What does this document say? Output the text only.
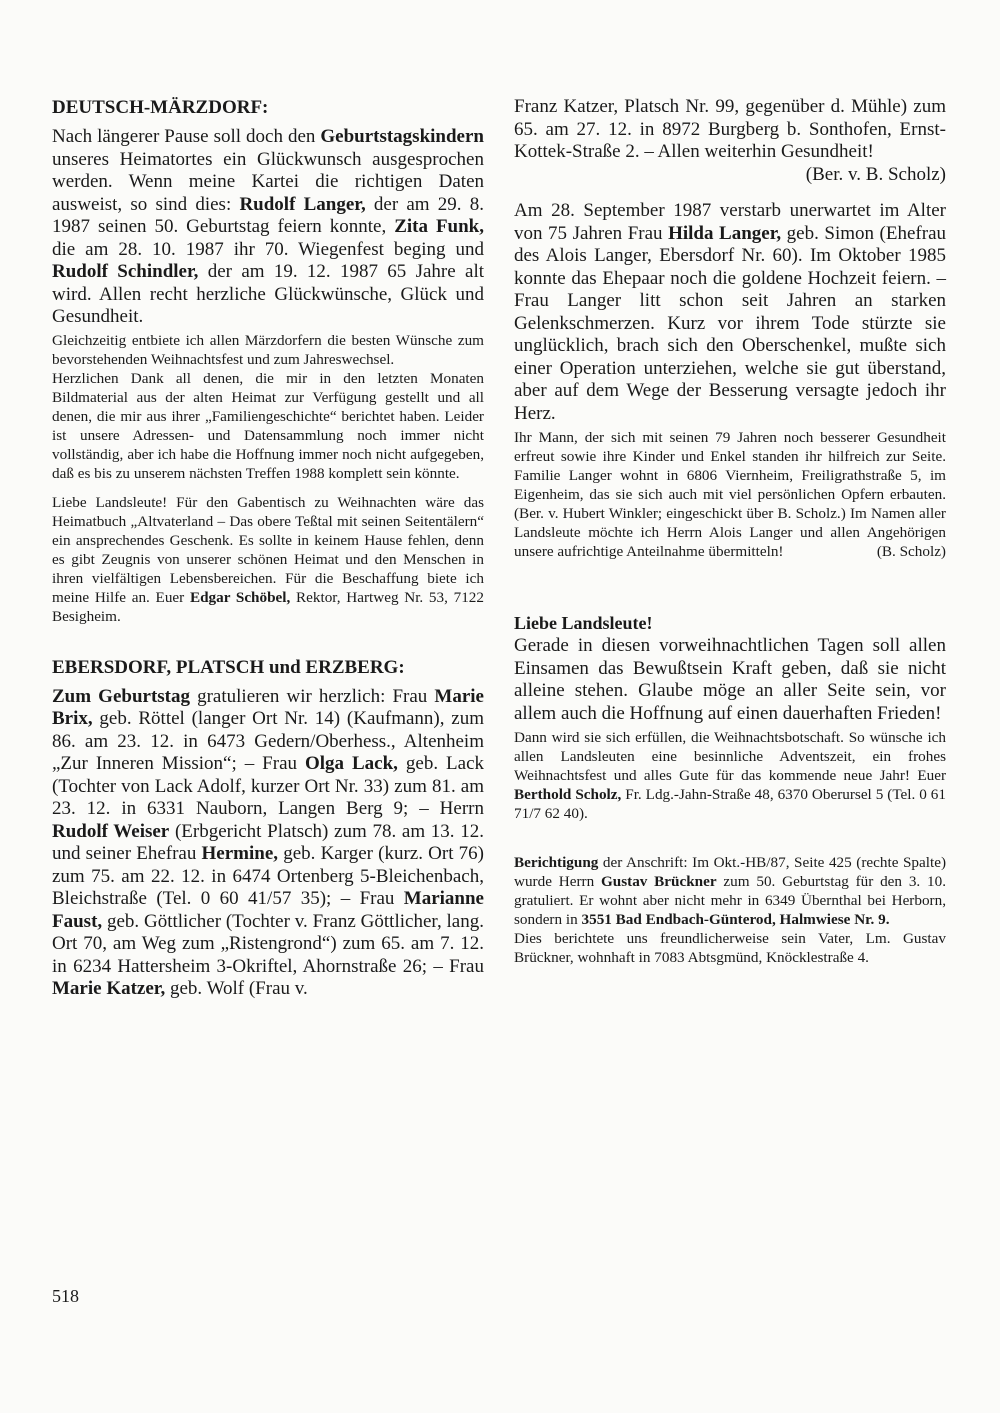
DEUTSCH-MÄRZDORF:

Nach längerer Pause soll doch den Geburtstagskindern unseres Heimatortes ein Glückwunsch ausgesprochen werden. Wenn meine Kartei die richtigen Daten ausweist, so sind dies: Rudolf Langer, der am 29. 8. 1987 seinen 50. Geburtstag feiern konnte, Zita Funk, die am 28. 10. 1987 ihr 70. Wiegenfest beging und Rudolf Schindler, der am 19. 12. 1987 65 Jahre alt wird. Allen recht herzliche Glückwünsche, Glück und Gesundheit.

Gleichzeitig entbiete ich allen Märzdorfern die besten Wünsche zum bevorstehenden Weihnachtsfest und zum Jahreswechsel.

Herzlichen Dank all denen, die mir in den letzten Monaten Bildmaterial aus der alten Heimat zur Verfügung gestellt und all denen, die mir aus ihrer „Familiengeschichte“ berichtet haben. Leider ist unsere Adressen- und Datensammlung noch immer nicht vollständig, aber ich habe die Hoffnung immer noch nicht aufgegeben, daß es bis zu unserem nächsten Treffen 1988 komplett sein könnte.

Liebe Landsleute! Für den Gabentisch zu Weihnachten wäre das Heimatbuch „Altvaterland – Das obere Teßtal mit seinen Seitentälern“ ein ansprechendes Geschenk. Es sollte in keinem Hause fehlen, denn es gibt Zeugnis von unserer schönen Heimat und den Menschen in ihren vielfältigen Lebensbereichen. Für die Beschaffung biete ich meine Hilfe an. Euer Edgar Schöbel, Rektor, Hartweg Nr. 53, 7122 Besigheim.

EBERSDORF, PLATSCH und ERZBERG:

Zum Geburtstag gratulieren wir herzlich: Frau Marie Brix, geb. Röttel (langer Ort Nr. 14) (Kaufmann), zum 86. am 23. 12. in 6473 Gedern/Oberhess., Altenheim „Zur Inneren Mission“; – Frau Olga Lack, geb. Lack (Tochter von Lack Adolf, kurzer Ort Nr. 33) zum 81. am 23. 12. in 6331 Nauborn, Langen Berg 9; – Herrn Rudolf Weiser (Erbgericht Platsch) zum 78. am 13. 12. und seiner Ehefrau Hermine, geb. Karger (kurz. Ort 76) zum 75. am 22. 12. in 6474 Ortenberg 5-Bleichenbach, Bleichstraße (Tel. 0 60 41/57 35); – Frau Marianne Faust, geb. Göttlicher (Tochter v. Franz Göttlicher, lang. Ort 70, am Weg zum „Ristengrond“) zum 65. am 7. 12. in 6234 Hattersheim 3-Okriftel, Ahornstraße 26; – Frau Marie Katzer, geb. Wolf (Frau v.

Franz Katzer, Platsch Nr. 99, gegenüber d. Mühle) zum 65. am 27. 12. in 8972 Burgberg b. Sonthofen, Ernst-Kottek-Straße 2. – Allen weiterhin Gesundheit!

(Ber. v. B. Scholz)

Am 28. September 1987 verstarb unerwartet im Alter von 75 Jahren Frau Hilda Langer, geb. Simon (Ehefrau des Alois Langer, Ebersdorf Nr. 60). Im Oktober 1985 konnte das Ehepaar noch die goldene Hochzeit feiern. – Frau Langer litt schon seit Jahren an starken Gelenkschmerzen. Kurz vor ihrem Tode stürzte sie unglücklich, brach sich den Oberschenkel, mußte sich einer Operation unterziehen, welche sie gut überstand, aber auf dem Wege der Besserung versagte jedoch ihr Herz.

Ihr Mann, der sich mit seinen 79 Jahren noch besserer Gesundheit erfreut sowie ihre Kinder und Enkel standen ihr hilfreich zur Seite. Familie Langer wohnt in 6806 Viernheim, Freiligrathstraße 5, im Eigenheim, das sie sich auch mit viel persönlichen Opfern erbauten. (Ber. v. Hubert Winkler; eingeschickt über B. Scholz.) Im Namen aller Landsleute möchte ich Herrn Alois Langer und allen Angehörigen unsere aufrichtige Anteilnahme übermitteln!	(B. Scholz)

Liebe Landsleute!

Gerade in diesen vorweihnachtlichen Tagen soll allen Einsamen das Bewußtsein Kraft geben, daß sie nicht alleine stehen. Glaube möge an aller Seite sein, vor allem auch die Hoffnung auf einen dauerhaften Frieden!

Dann wird sie sich erfüllen, die Weihnachtsbotschaft. So wünsche ich allen Landsleuten eine besinnliche Adventszeit, ein frohes Weihnachtsfest und alles Gute für das kommende neue Jahr! Euer Berthold Scholz, Fr. Ldg.-Jahn-Straße 48, 6370 Oberursel 5 (Tel. 0 61 71/7 62 40).

Berichtigung der Anschrift: Im Okt.-HB/87, Seite 425 (rechte Spalte) wurde Herrn Gustav Brückner zum 50. Geburtstag für den 3. 10. gratuliert. Er wohnt aber nicht mehr in 6349 Übernthal bei Herborn, sondern in 3551 Bad Endbach-Günterod, Halmwiese Nr. 9.

Dies berichtete uns freundlicherweise sein Vater, Lm. Gustav Brückner, wohnhaft in 7083 Abtsgmünd, Knöcklestraße 4.

518
